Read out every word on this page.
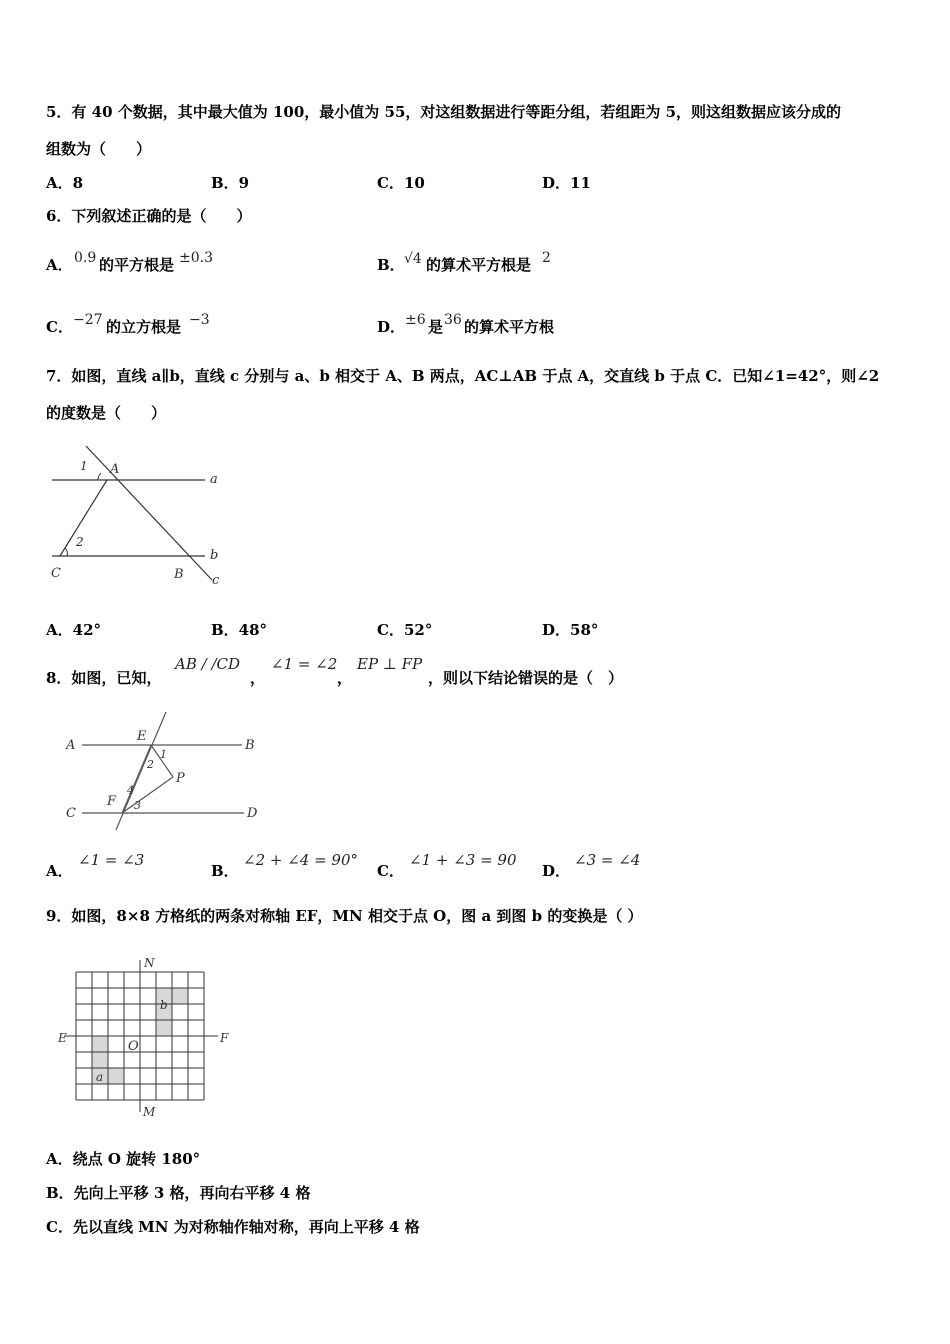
5．有 40 个数据，其中最大值为 100，最小值为 55，对这组数据进行等距分组，若组距为 5，则这组数据应该分成的
组数为（　　）
A．8	B．9	C．10	D．11
6．下列叙述正确的是（　　）
A． 0.9 的平方根是 ±0.3	B． √4 的算术平方根是 2
C． −27 的立方根是 −3	D． ±6 是 36 的算术平方根
7．如图，直线 a∥b，直线 c 分别与 a、b 相交于 A、B 两点，AC⊥AB 于点 A，交直线 b 于点 C．已知∠1=42°，则∠2
的度数是（　　）
1 A
a
2
b
C	B c
A．42°	B．48°	C．52°	D．58°
8．如图，已知，
AB / /CD
，
∠1 = ∠2
，
EP ⊥ FP
，则以下结论错误的是（　）
A
E
B
1
2
P
C
F
4
3
D
A．
∠1 = ∠3
B．
∠2 + ∠4 = 90°
C．
∠1 + ∠3 = 90
D．
∠3 = ∠4
9．如图，8×8 方格纸的两条对称轴 EF，MN 相交于点 O，图 a 到图 b 的变换是（ ）
N
M
E	F
O
a
b
A．绕点 O 旋转 180°
B．先向上平移 3 格，再向右平移 4 格
C．先以直线 MN 为对称轴作轴对称，再向上平移 4 格
